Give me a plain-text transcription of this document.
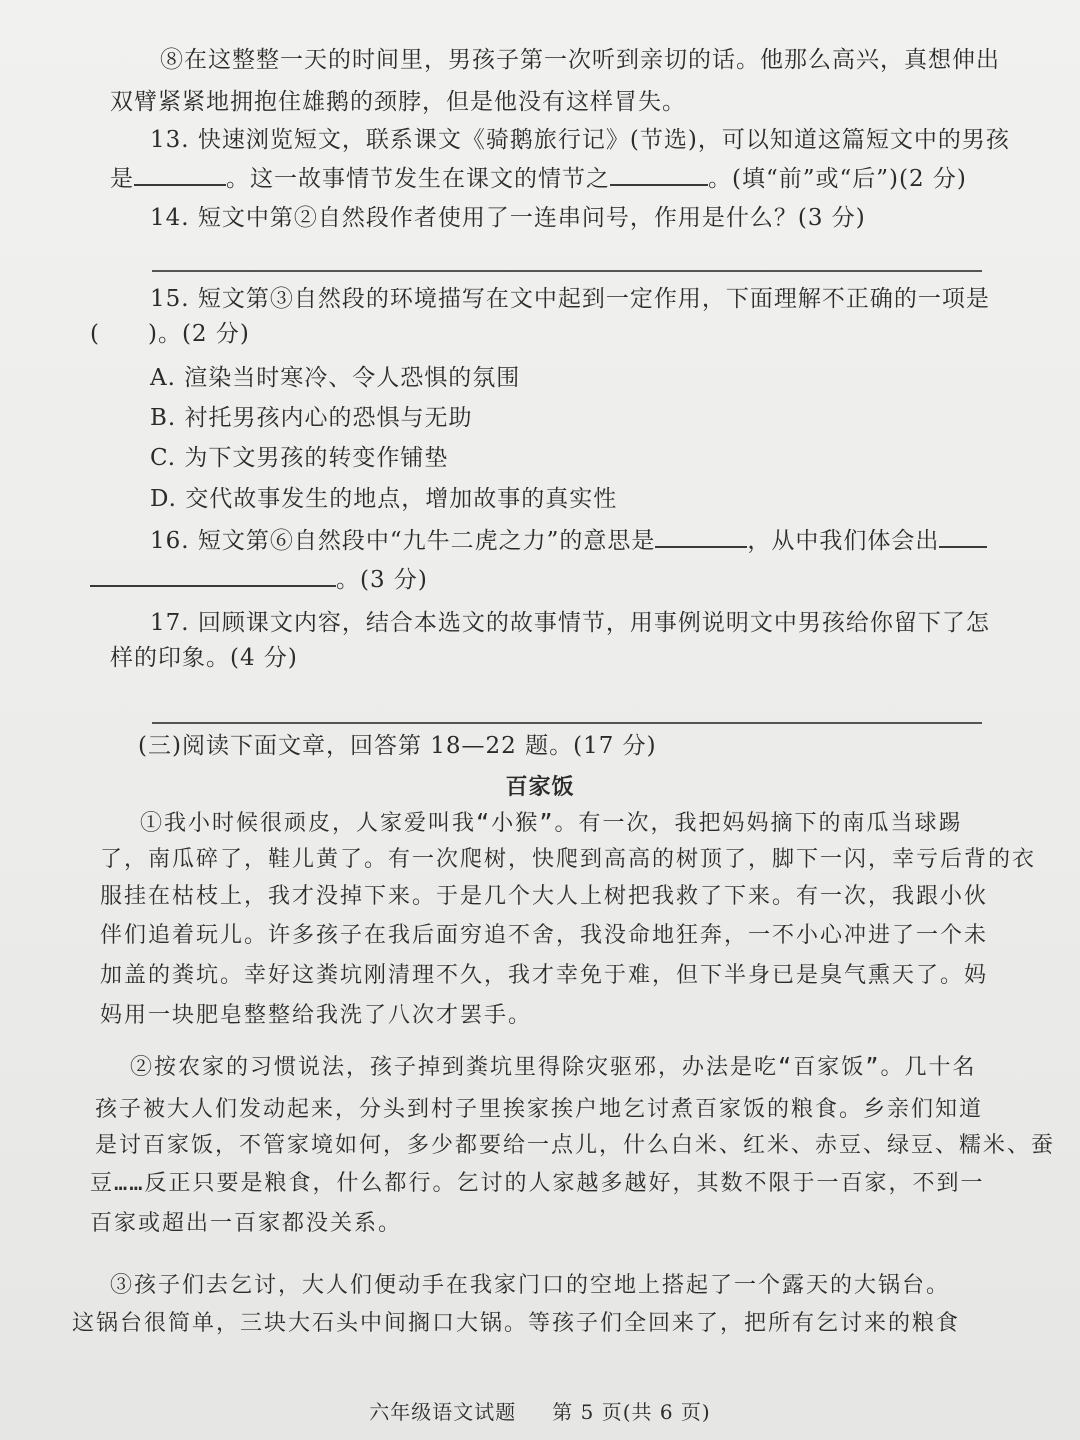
⑧在这整整一天的时间里，男孩子第一次听到亲切的话。他那么高兴，真想伸出
双臂紧紧地拥抱住雄鹅的颈脖，但是他没有这样冒失。
13. 快速浏览短文，联系课文《骑鹅旅行记》(节选)，可以知道这篇短文中的男孩
是	。这一故事情节发生在课文的情节之	。(填“前”或“后”)(2 分)
14. 短文中第②自然段作者使用了一连串问号，作用是什么？(3 分)
15. 短文第③自然段的环境描写在文中起到一定作用，下面理解不正确的一项是
(　　)。(2 分)
A. 渲染当时寒冷、令人恐惧的氛围
B. 衬托男孩内心的恐惧与无助
C. 为下文男孩的转变作铺垫
D. 交代故事发生的地点，增加故事的真实性
16. 短文第⑥自然段中“九牛二虎之力”的意思是	，从中我们体会出
。(3 分)
17. 回顾课文内容，结合本选文的故事情节，用事例说明文中男孩给你留下了怎
样的印象。(4 分)
(三)阅读下面文章，回答第 18—22 题。(17 分)
百家饭
①我小时候很顽皮，人家爱叫我“小猴”。有一次，我把妈妈摘下的南瓜当球踢
了，南瓜碎了，鞋儿黄了。有一次爬树，快爬到高高的树顶了，脚下一闪，幸亏后背的衣
服挂在枯枝上，我才没掉下来。于是几个大人上树把我救了下来。有一次，我跟小伙
伴们追着玩儿。许多孩子在我后面穷追不舍，我没命地狂奔，一不小心冲进了一个未
加盖的粪坑。幸好这粪坑刚清理不久，我才幸免于难，但下半身已是臭气熏天了。妈
妈用一块肥皂整整给我洗了八次才罢手。
②按农家的习惯说法，孩子掉到粪坑里得除灾驱邪，办法是吃“百家饭”。几十名
孩子被大人们发动起来，分头到村子里挨家挨户地乞讨煮百家饭的粮食。乡亲们知道
是讨百家饭，不管家境如何，多少都要给一点儿，什么白米、红米、赤豆、绿豆、糯米、蚕
豆……反正只要是粮食，什么都行。乞讨的人家越多越好，其数不限于一百家，不到一
百家或超出一百家都没关系。
③孩子们去乞讨，大人们便动手在我家门口的空地上搭起了一个露天的大锅台。
这锅台很简单，三块大石头中间搁口大锅。等孩子们全回来了，把所有乞讨来的粮食
六年级语文试题 第 5 页(共 6 页)
